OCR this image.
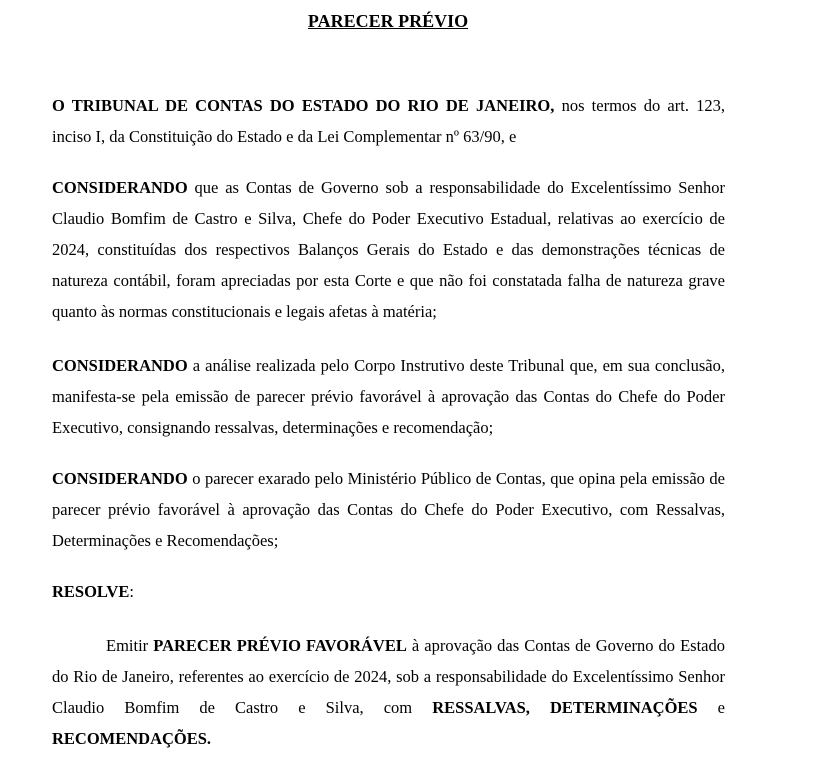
PARECER PRÉVIO

O TRIBUNAL DE CONTAS DO ESTADO DO RIO DE JANEIRO, nos termos do art. 123, inciso I, da Constituição do Estado e da Lei Complementar nº 63/90, e

CONSIDERANDO que as Contas de Governo sob a responsabilidade do Excelentíssimo Senhor Claudio Bomfim de Castro e Silva, Chefe do Poder Executivo Estadual, relativas ao exercício de 2024, constituídas dos respectivos Balanços Gerais do Estado e das demonstrações técnicas de natureza contábil, foram apreciadas por esta Corte e que não foi constatada falha de natureza grave quanto às normas constitucionais e legais afetas à matéria;

CONSIDERANDO a análise realizada pelo Corpo Instrutivo deste Tribunal que, em sua conclusão, manifesta-se pela emissão de parecer prévio favorável à aprovação das Contas do Chefe do Poder Executivo, consignando ressalvas, determinações e recomendação;

CONSIDERANDO o parecer exarado pelo Ministério Público de Contas, que opina pela emissão de parecer prévio favorável à aprovação das Contas do Chefe do Poder Executivo, com Ressalvas, Determinações e Recomendações;

RESOLVE:

Emitir PARECER PRÉVIO FAVORÁVEL à aprovação das Contas de Governo do Estado do Rio de Janeiro, referentes ao exercício de 2024, sob a responsabilidade do Excelentíssimo Senhor Claudio Bomfim de Castro e Silva, com RESSALVAS, DETERMINAÇÕES e RECOMENDAÇÕES.
